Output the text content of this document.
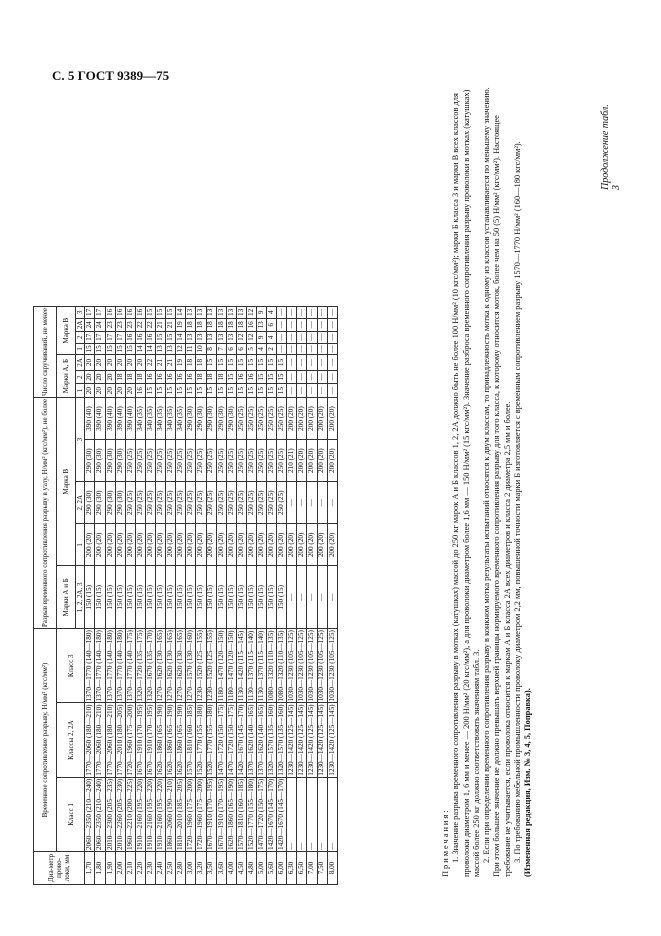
С. 5 ГОСТ 9389—75
Продолжение табл. 3
Диа-метр прово-локи, мм	Временное сопротивление разрыву, Н/мм² (кгс/мм²)			Разрыв временного сопротивления разрыву в узлу, Н/мм² (кгс/мм²), не более					Число скручиваний, не менее						
	Класс 1	Классы 2, 2А	Класс 3	Марки А и Б	Марка В				Марки А, Б			Марка В			
				1, 2, 2А, 3	1	2, 2А	3		1	2	2А	1	2	2А	3
1,70	2060—2350 (210—240)	1770—2060 (180—210)	1370—1770 (140—180)	150 (15)	200 (20)	290 (30)	290 (30)	390 (40)	20	20	20	15	17	24	17
1,80	2060—2350 (210—240)	1770—2060 (180—210)	1370—1770 (140—180)	150 (15)	200 (20)	290 (30)	290 (30)	390 (40)	20	20	20	15	17	24	17
1,90	2010—2300 (205—235)	1770—2060 (180—210)	1370—1770 (140—180)	150 (15)	200 (20)	290 (30)	290 (30)	390 (40)	20	20	20	15	17	23	16
2,00	2010—2260 (205—230)	1770—2010 (180—205)	1370—1770 (140—180)	150 (15)	200 (20)	290 (30)	290 (30)	390 (40)	20	18	20	15	17	23	16
2,10	1960—2210 (200—225)	1720—1960 (175—200)	1370—1770 (140—175)	150 (15)	200 (20)	250 (25)	250 (25)	390 (40)	20	18	20	15	16	23	16
2,20	1910—2160 (195—220)	1670—1910 (170—195)	1320—1720 (135—175)	150 (15)	200 (20)	250 (25)	250 (25)	340 (35)	16	18	20	14	16	22	16
2,30	1910—2160 (195—220)	1670—1910 (170—195)	1320—1670 (135—170)	150 (15)	200 (20)	250 (25)	250 (25)	340 (35)	15	16	22	14	16	22	15
2,40	1910—2160 (195—220)	1620—1860 (165—190)	1270—1620 (130—165)	150 (15)	200 (20)	250 (25)	250 (25)	340 (35)	15	16	21	13	15	21	15
2,50	1860—2060 (190—210)	1620—1860 (165—190)	1270—1620 (130—165)	150 (15)	200 (20)	250 (25)	250 (25)	340 (35)	15	16	21	13	15	21	15
2,80	1810—2010 (185—205)	1620—1860 (165—190)	1270—1620 (130—165)	150 (15)	200 (20)	250 (25)	250 (25)	340 (35)	15	16	19	12	14	19	14
3,00	1720—1960 (175—200)	1570—1810 (160—185)	1270—1570 (130—160)	150 (15)	200 (20)	250 (25)	250 (25)	290 (30)	15	16	18	11	13	18	13
3,20	1720—1960 (175—200)	1520—1770 (155—180)	1230—1520 (125—155)	150 (15)	200 (20)	250 (25)	250 (25)	290 (30)	15	18	18	10	13	18	13
3,50	1670—1910 (170—195)	1520—1770 (155—180)	1230—1520 (125—155)	150 (15)	200 (20)	250 (25)	250 (25)	290 (30)	15	18	15	8	13	18	13
3,60	1670—1910 (170—195)	1470—1720 (150—175)	1180—1470 (120—150)	150 (15)	200 (20)	250 (25)	250 (25)	290 (30)	15	18	15	7	13	18	13
4,00	1620—1860 (165—190)	1470—1720 (150—175)	1180—1470 (120—150)	150 (15)	200 (20)	250 (25)	250 (25)	290 (30)	15	15	15	6	13	18	13
4,50	1570—1810 (160—185)	1420—1670 (145—170)	1130—1420 (115—145)	150 (15)	200 (20)	250 (25)	250 (25)	250 (25)	15	16	15	6	12	18	13
4,80	1520—1770 (155—180)	1370—1620 (140—165)	1130—1370 (115—140)	150 (15)	200 (20)	250 (25)	250 (25)	250 (25)	15	16	15	5	12	16	12
5,00	1470—1720 (150—175)	1370—1620 (140—165)	1130—1370 (115—140)	150 (15)	200 (20)	250 (25)	250 (25)	250 (25)	15	15	15	4	9	13	9
5,60	1420—1670 (145—170)	1320—1570 (135—160)	1080—1320 (110—135)	150 (15)	200 (20)	250 (25)	250 (25)	250 (25)	15	15	15	2	4	6	4
6,00	1420—1670 (145—170)	1320—1570 (135—160)	1080—1320 (110—135)	150 (15)	200 (20)	250 (25)	250 (25)	250 (25)	15	15	15	—	—	—	—
6,30	—	1230—1420 (125—145)	1030—1230 (105—125)	—	200 (20)	—	210 (21)	200 (20)	—	—	—	—	—	—	—
6,50	—	1230—1420 (125—145)	1030—1230 (105—125)	—	200 (20)	—	200 (20)	200 (20)	—	—	—	—	—	—	—
7,00	—	1230—1420 (125—145)	1030—1230 (105—125)	—	200 (20)	—	200 (20)	200 (20)	—	—	—	—	—	—	—
7,50	—	1230—1420 (125—145)	1030—1230 (105—125)	—	200 (20)	—	200 (20)	200 (20)	—	—	—	—	—	—	—
8,00	—	1230—1420 (125—145)	1030—1230 (105—125)	—	200 (20)	—	200 (20)	200 (20)	—	—	—	—	—	—	—

Примечания: 1. Значение разрыва временного сопротивления разрыву в мотках (катушках) массой до 250 кг марок А и Б классов 1, 2, 2А должно быть не более 100 Н/мм² (10 кгс/мм²); марки Б класса 3 и марки В всех классов для проволоки диаметром 1, 6 мм и менее — 200 Н/мм² (20 кгс/мм²), а для проволоки диаметром более 1,6 мм — 150 Н/мм² (15 кгс/мм²). Значение разброса временного сопротивления разрыву проволоки в мотках (катушках) массой более 250 кг должно соответствовать значениям табл. 3. 2. Если при определении временного сопротивления разрыву в конкном мотка результаты испытаний относятся к двум классам, то принадлежность мотка к одному из классов устанавливается по меньшему значению. При этом большее значение не должно превышать верхней границы нормируемого временного сопротивления разрыву для того класса, к которому относится моток, более чем на 50 (5) Н/мм² (кгс/мм²). Настоящее требование не учитывается, если проволока относится к маркам А и Б класса 2А всех диаметров и класса 2 диаметра 2,5 мм и более. 3. По требованию мебельной промышленности проволоку диаметром 2,2 мм, повышенной точности марки Б изготовляется с временным сопротивлением разрыву 1570—1770 Н/мм² (160—180 кгс/мм²). (Измененная редакция, Изм. № 3, 4, 5, Поправка).
